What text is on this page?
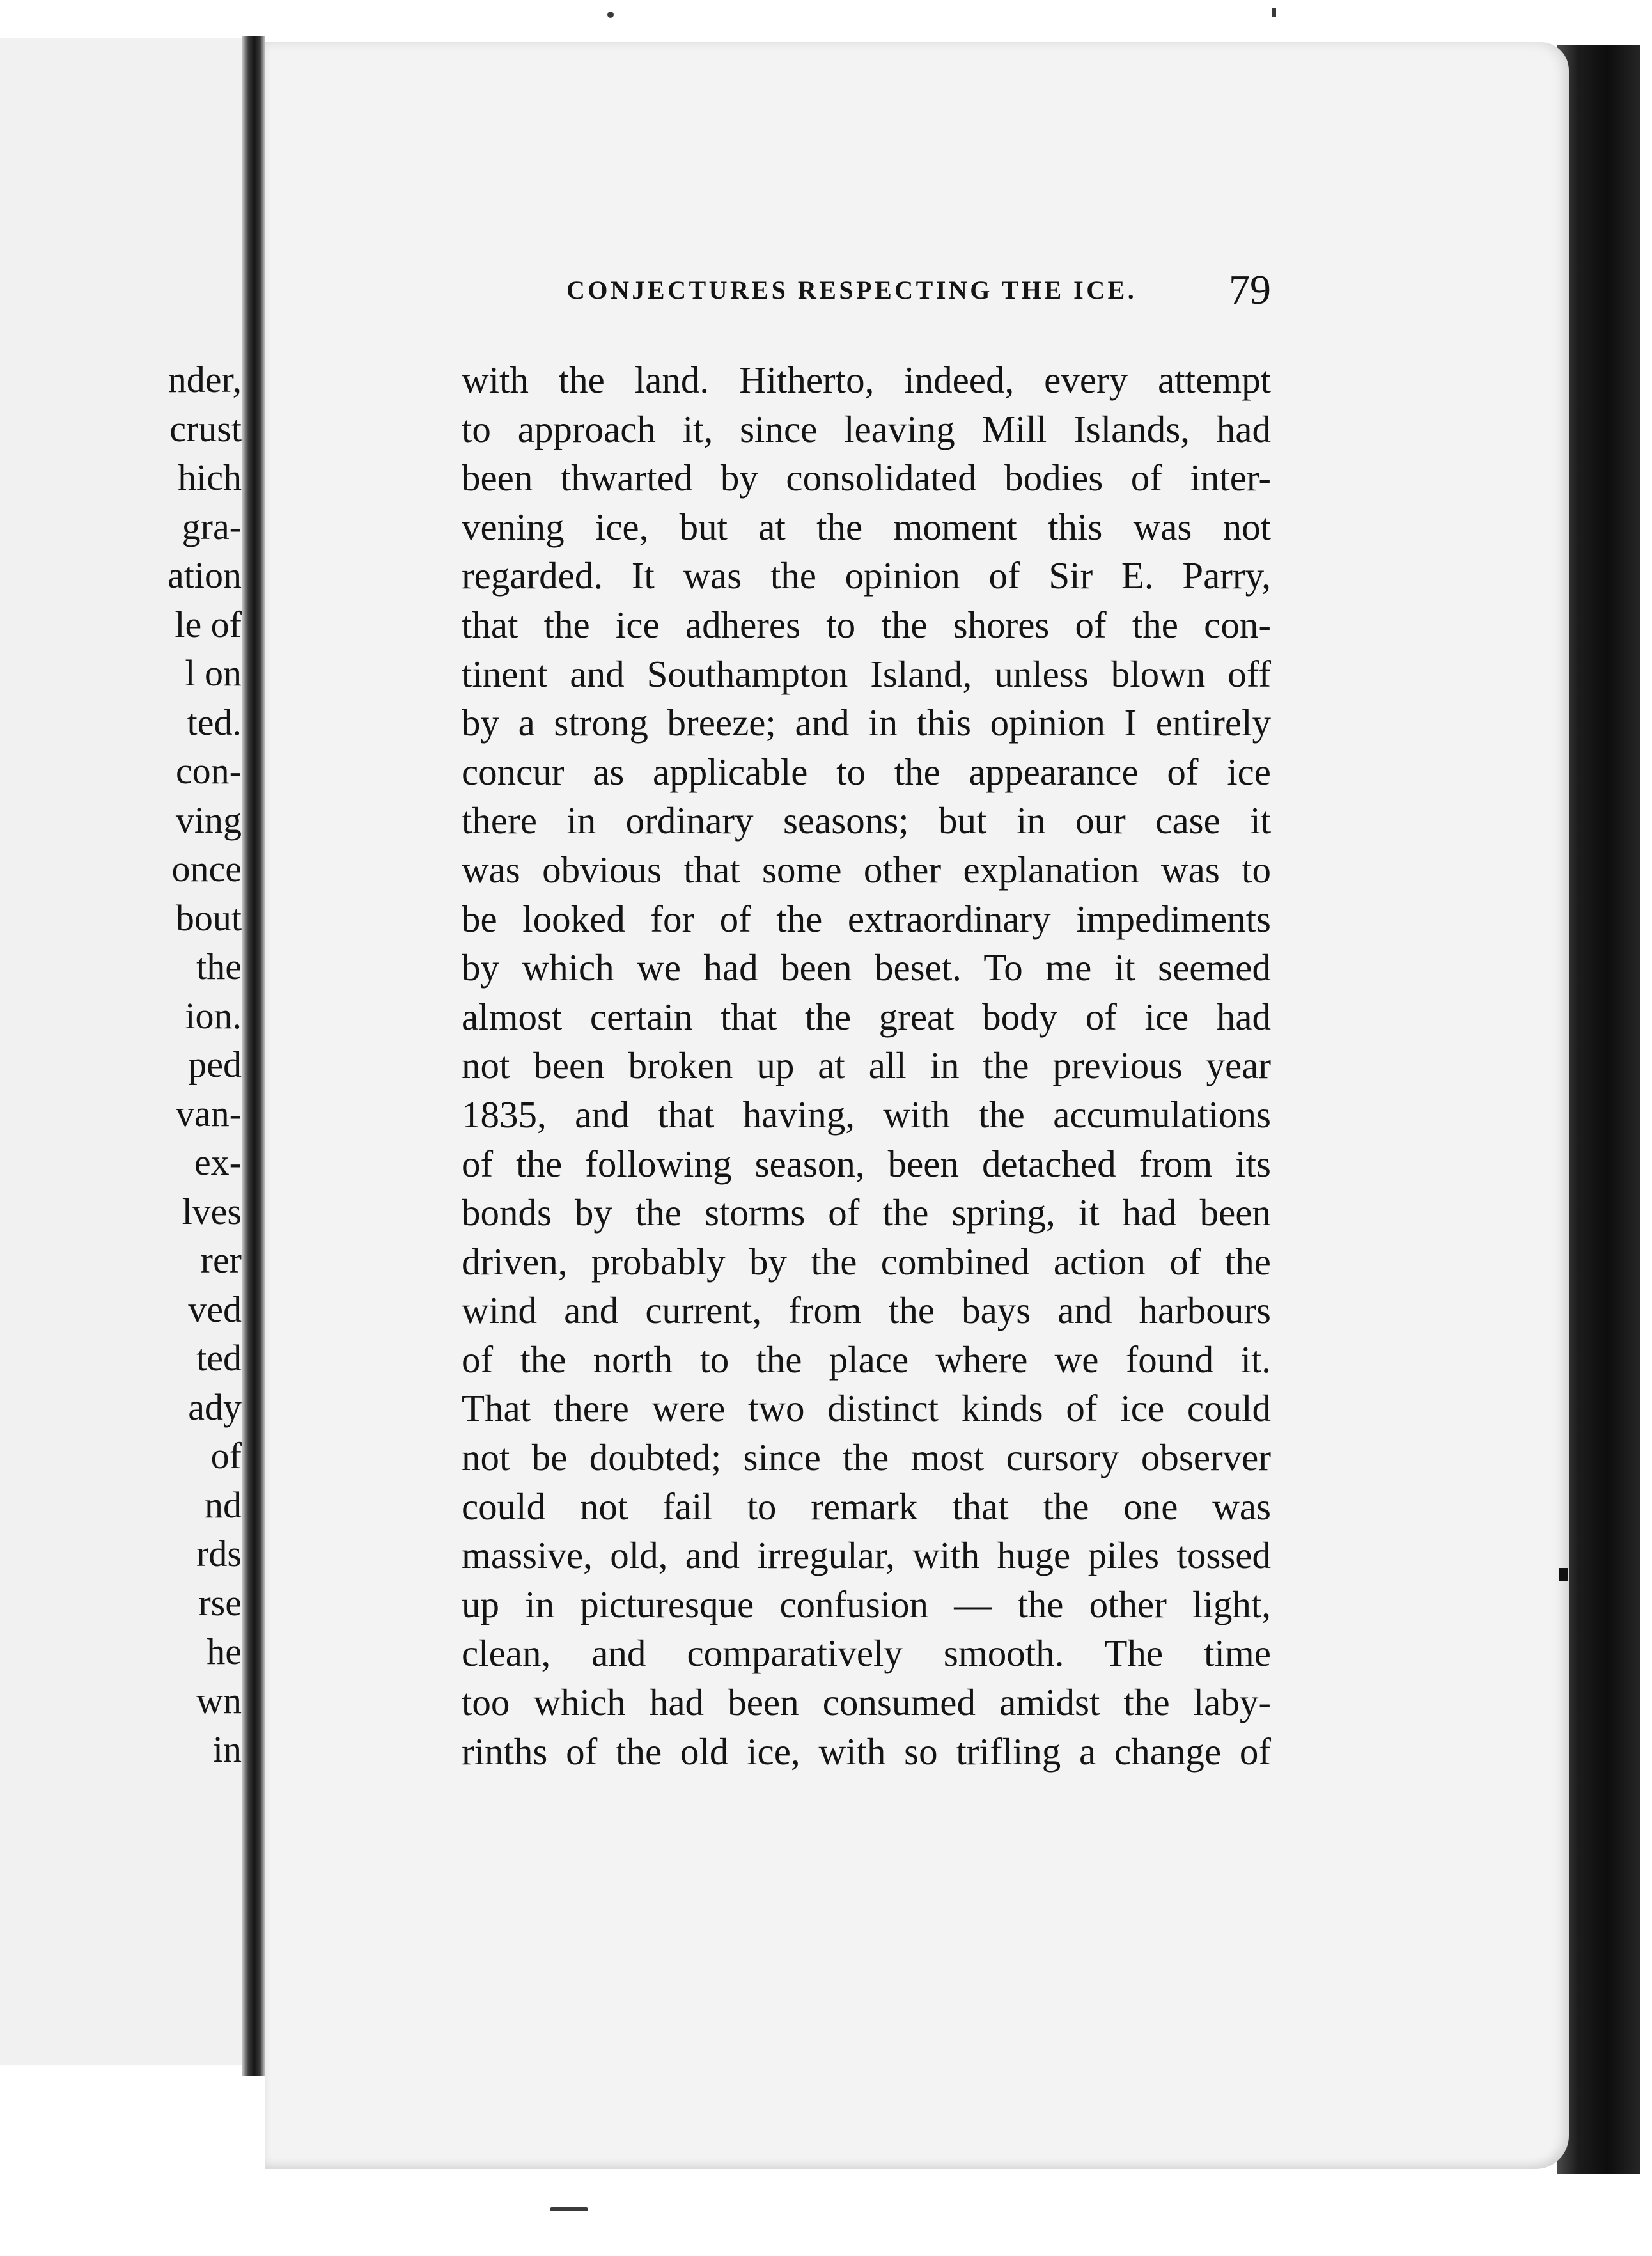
nder,
crust
hich
gra-
ation
le of
l on
ted.
con-
ving
once
bout
the
ion.
ped
van-
ex-
lves
rer
ved
ted
ady
of
nd
rds
rse
he
wn
in
CONJECTURES RESPECTING THE ICE. 79
with the land. Hitherto, indeed, every attempt
to approach it, since leaving Mill Islands, had
been thwarted by consolidated bodies of inter-
vening ice, but at the moment this was not
regarded. It was the opinion of Sir E. Parry,
that the ice adheres to the shores of the con-
tinent and Southampton Island, unless blown off
by a strong breeze; and in this opinion I entirely
concur as applicable to the appearance of ice
there in ordinary seasons; but in our case it
was obvious that some other explanation was to
be looked for of the extraordinary impediments
by which we had been beset. To me it seemed
almost certain that the great body of ice had
not been broken up at all in the previous year
1835, and that having, with the accumulations
of the following season, been detached from its
bonds by the storms of the spring, it had been
driven, probably by the combined action of the
wind and current, from the bays and harbours
of the north to the place where we found it.
That there were two distinct kinds of ice could
not be doubted; since the most cursory observer
could not fail to remark that the one was
massive, old, and irregular, with huge piles tossed
up in picturesque confusion — the other light,
clean, and comparatively smooth. The time
too which had been consumed amidst the laby-
rinths of the old ice, with so trifling a change of
